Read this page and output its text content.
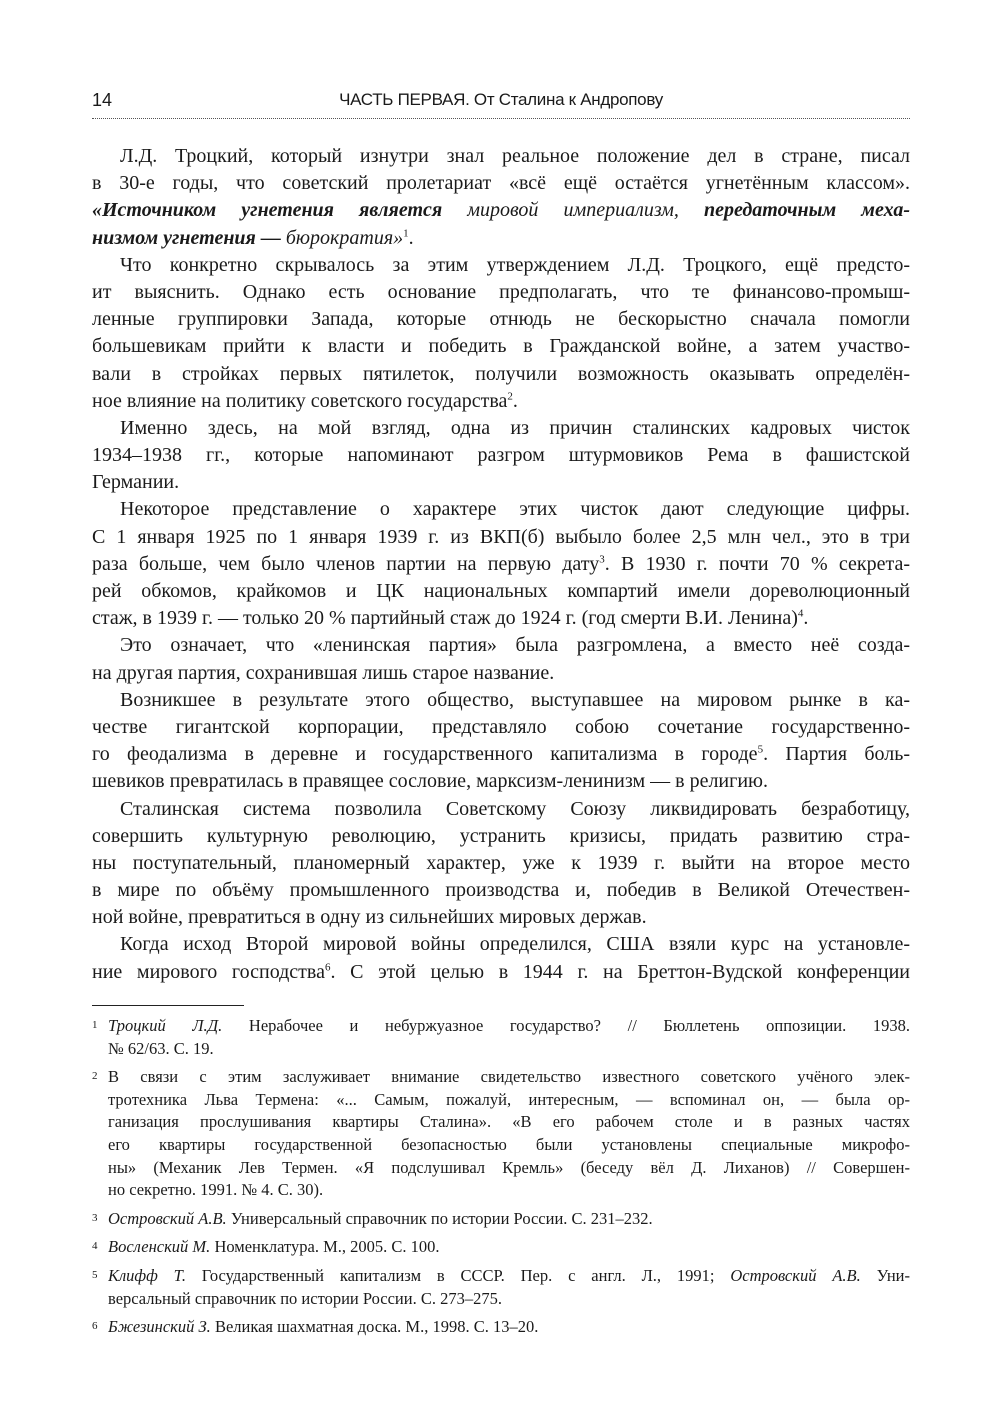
14	ЧАСТЬ ПЕРВАЯ. От Сталина к Андропову
Л.Д. Троцкий, который изнутри знал реальное положение дел в стране, писал
в 30-е годы, что советский пролетариат «всё ещё остаётся угнетённым классом».
«Источником угнетения является мировой империализм, передаточным меха-
низмом угнетения — бюрократия»$^1$.
Что конкретно скрывалось за этим утверждением Л.Д. Троцкого, ещё предсто-
ит выяснить. Однако есть основание предполагать, что те финансово-промыш-
ленные группировки Запада, которые отнюдь не бескорыстно сначала помогли
большевикам прийти к власти и победить в Гражданской войне, а затем участво-
вали в стройках первых пятилеток, получили возможность оказывать определён-
ное влияние на политику советского государства$^2$.
Именно здесь, на мой взгляд, одна из причин сталинских кадровых чисток
1934–1938 гг., которые напоминают разгром штурмовиков Рема в фашистской
Германии.
Некоторое представление о характере этих чисток дают следующие цифры.
С 1 января 1925 по 1 января 1939 г. из ВКП(б) выбыло более 2,5 млн чел., это в три
раза больше, чем было членов партии на первую дату$^3$. В 1930 г. почти 70 % секрета-
рей обкомов, крайкомов и ЦК национальных компартий имели дореволюционный
стаж, в 1939 г. — только 20 % партийный стаж до 1924 г. (год смерти В.И. Ленина)$^4$.
Это означает, что «ленинская партия» была разгромлена, а вместо неё созда-
на другая партия, сохранившая лишь старое название.
Возникшее в результате этого общество, выступавшее на мировом рынке в ка-
честве гигантской корпорации, представляло собою сочетание государственно-
го феодализма в деревне и государственного капитализма в городе$^5$. Партия боль-
шевиков превратилась в правящее сословие, марксизм-ленинизм — в религию.
Сталинская система позволила Советскому Союзу ликвидировать безработицу,
совершить культурную революцию, устранить кризисы, придать развитию стра-
ны поступательный, планомерный характер, уже к 1939 г. выйти на второе место
в мире по объёму промышленного производства и, победив в Великой Отечествен-
ной войне, превратиться в одну из сильнейших мировых держав.
Когда исход Второй мировой войны определился, США взяли курс на установле-
ние мирового господства$^6$. С этой целью в 1944 г. на Бреттон-Вудской конференции
1 Троцкий Л.Д. Нерабочее и небуржуазное государство? // Бюллетень оппозиции. 1938.
№ 62/63. С. 19.
2 В связи с этим заслуживает внимание свидетельство известного советского учёного элек-
тротехника Льва Термена: «... Самым, пожалуй, интересным, — вспоминал он, — была ор-
ганизация прослушивания квартиры Сталина». «В его рабочем столе и в разных частях
его квартиры государственной безопасностью были установлены специальные микрофо-
ны» (Механик Лев Термен. «Я подслушивал Кремль» (беседу вёл Д. Лиханов) // Совершен-
но секретно. 1991. № 4. С. 30).
3 Островский А.В. Универсальный справочник по истории России. С. 231–232.
4 Восленский М. Номенклатура. М., 2005. С. 100.
5 Клифф Т. Государственный капитализм в СССР. Пер. с англ. Л., 1991; Островский А.В. Уни-
версальный справочник по истории России. С. 273–275.
6 Бжезинский З. Великая шахматная доска. М., 1998. С. 13–20.
